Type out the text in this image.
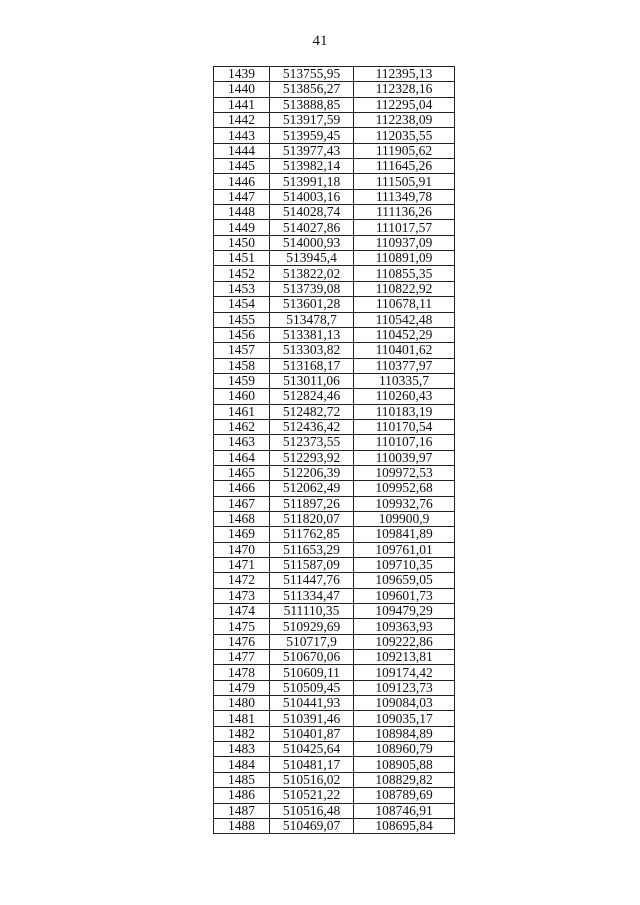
41
1439	513755,95	112395,13
1440	513856,27	112328,16
1441	513888,85	112295,04
1442	513917,59	112238,09
1443	513959,45	112035,55
1444	513977,43	111905,62
1445	513982,14	111645,26
1446	513991,18	111505,91
1447	514003,16	111349,78
1448	514028,74	111136,26
1449	514027,86	111017,57
1450	514000,93	110937,09
1451	513945,4	110891,09
1452	513822,02	110855,35
1453	513739,08	110822,92
1454	513601,28	110678,11
1455	513478,7	110542,48
1456	513381,13	110452,29
1457	513303,82	110401,62
1458	513168,17	110377,97
1459	513011,06	110335,7
1460	512824,46	110260,43
1461	512482,72	110183,19
1462	512436,42	110170,54
1463	512373,55	110107,16
1464	512293,92	110039,97
1465	512206,39	109972,53
1466	512062,49	109952,68
1467	511897,26	109932,76
1468	511820,07	109900,9
1469	511762,85	109841,89
1470	511653,29	109761,01
1471	511587,09	109710,35
1472	511447,76	109659,05
1473	511334,47	109601,73
1474	511110,35	109479,29
1475	510929,69	109363,93
1476	510717,9	109222,86
1477	510670,06	109213,81
1478	510609,11	109174,42
1479	510509,45	109123,73
1480	510441,93	109084,03
1481	510391,46	109035,17
1482	510401,87	108984,89
1483	510425,64	108960,79
1484	510481,17	108905,88
1485	510516,02	108829,82
1486	510521,22	108789,69
1487	510516,48	108746,91
1488	510469,07	108695,84
